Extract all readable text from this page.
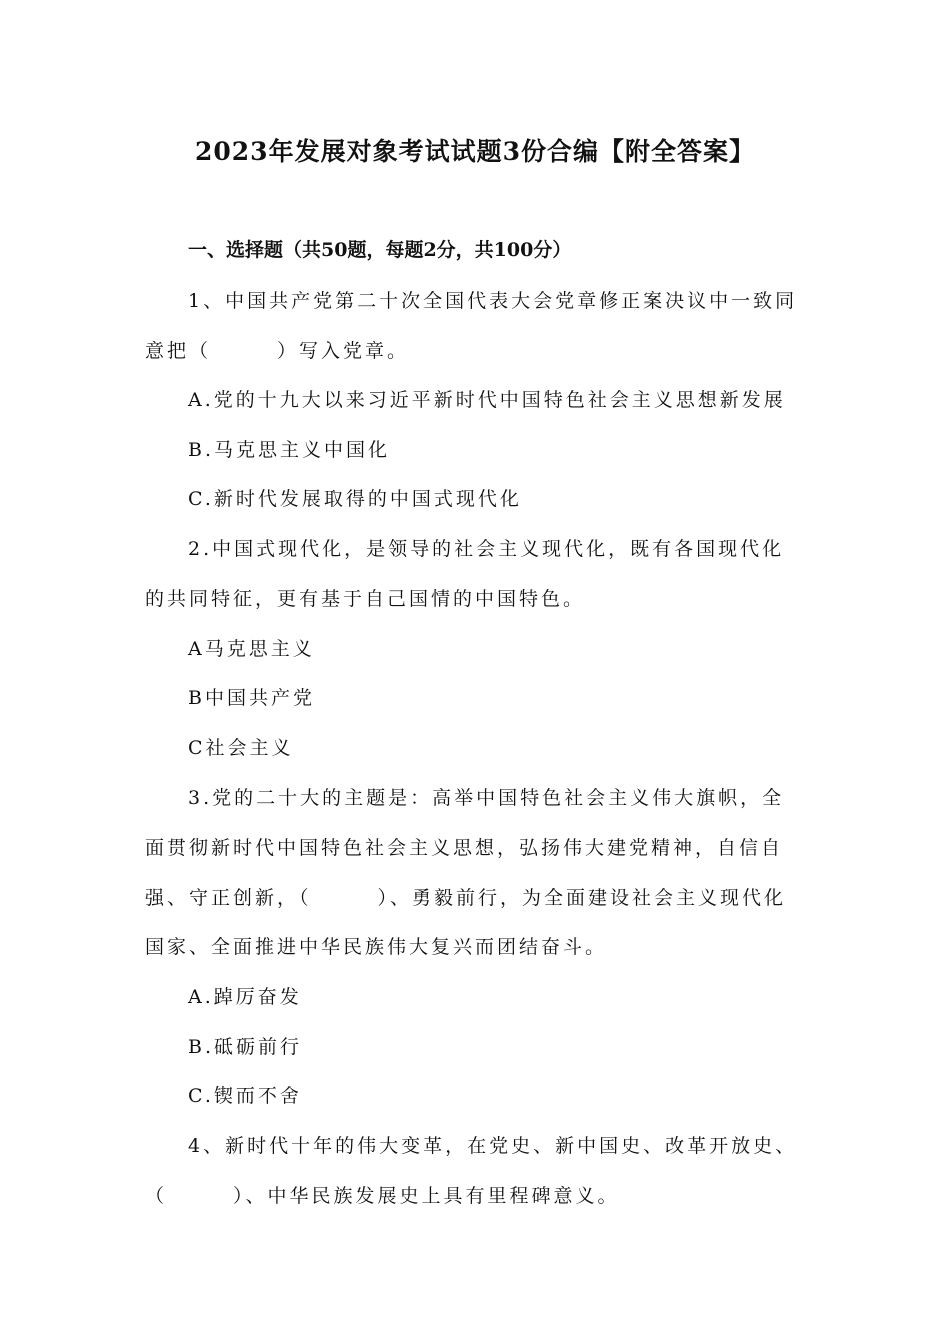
2023年发展对象考试试题3份合编【附全答案】
一、选择题（共50题，每题2分，共100分）
1、中国共产党第二十次全国代表大会党章修正案决议中一致同
意把（　　　）写入党章。
A.党的十九大以来习近平新时代中国特色社会主义思想新发展
B.马克思主义中国化
C.新时代发展取得的中国式现代化
2.中国式现代化，是领导的社会主义现代化，既有各国现代化
的共同特征，更有基于自己国情的中国特色。
A马克思主义
B中国共产党
C社会主义
3.党的二十大的主题是：高举中国特色社会主义伟大旗帜，全
面贯彻新时代中国特色社会主义思想，弘扬伟大建党精神，自信自
强、守正创新，（　　　）、勇毅前行，为全面建设社会主义现代化
国家、全面推进中华民族伟大复兴而团结奋斗。
A.踔厉奋发
B.砥砺前行
C.锲而不舍
4、新时代十年的伟大变革，在党史、新中国史、改革开放史、
（　　　）、中华民族发展史上具有里程碑意义。
